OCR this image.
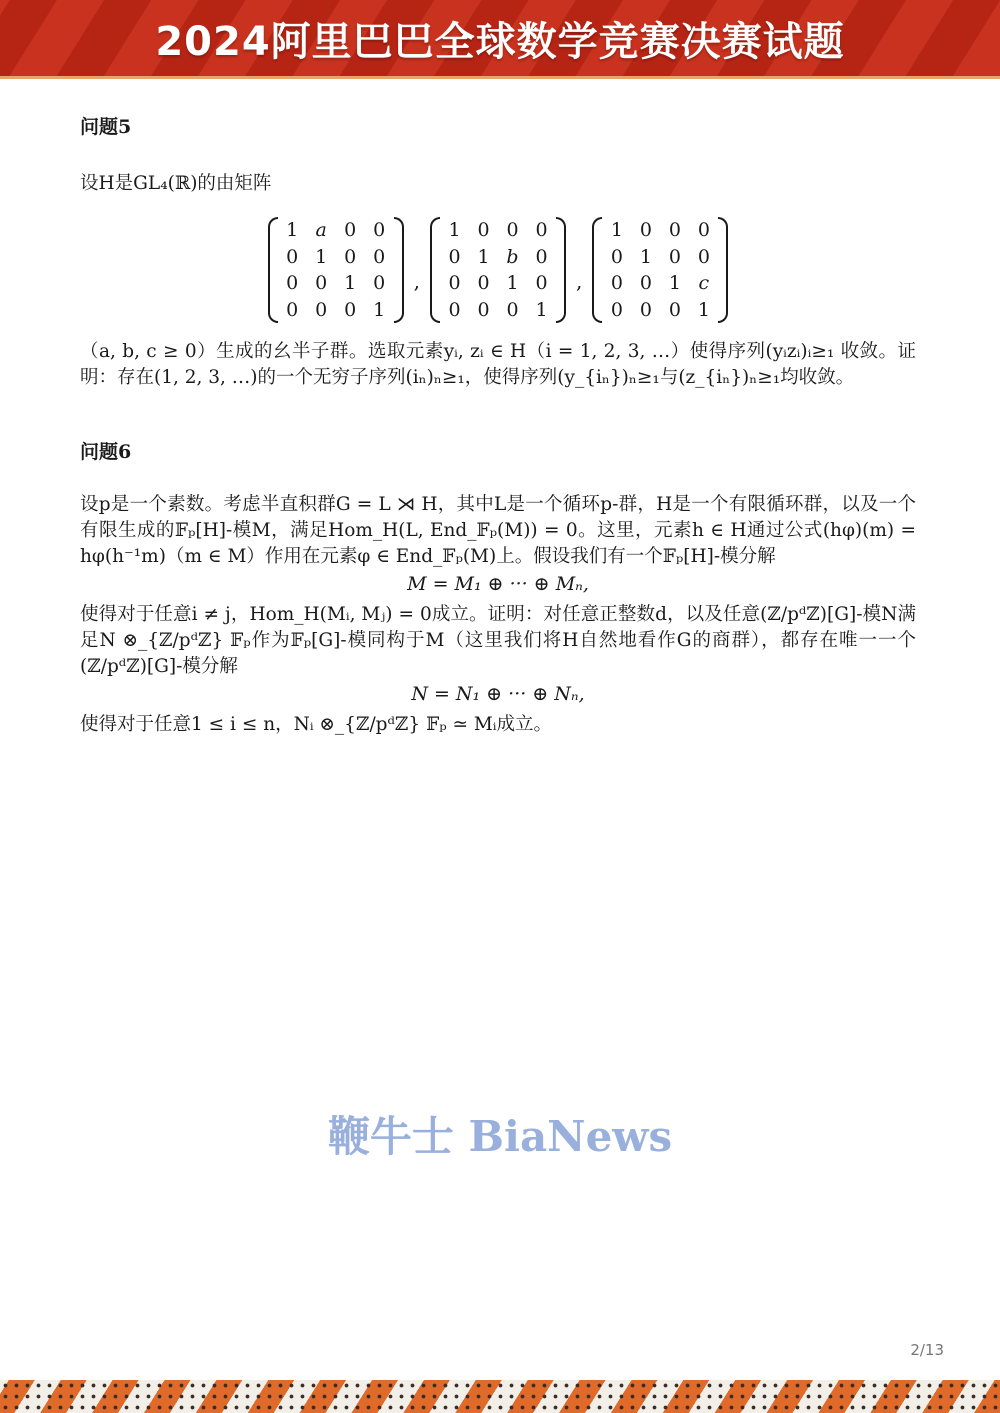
2024阿里巴巴全球数学竞赛决赛试题

问题5

设H是GL₄(ℝ)的由矩阵

1 a 0 0
0 1 0 0
0 0 1 0
0 0 0 1
,
1 0 0 0
0 1 b 0
0 0 1 0
0 0 0 1
,
1 0 0 0
0 1 0 0
0 0 1 c
0 0 0 1

（a, b, c ≥ 0）生成的幺半子群。选取元素yᵢ, zᵢ ∈ H（i = 1, 2, 3, …）使得序列(yᵢzᵢ)ᵢ≥₁ 收敛。证明：存在(1, 2, 3, …)的一个无穷子序列(iₙ)ₙ≥₁，使得序列(y_{iₙ})ₙ≥₁与(z_{iₙ})ₙ≥₁均收敛。

问题6

设p是一个素数。考虑半直积群G = L ⋊ H，其中L是一个循环p-群，H是一个有限循环群，以及一个有限生成的𝔽ₚ[H]-模M，满足Hom_H(L, End_𝔽ₚ(M)) = 0。这里，元素h ∈ H通过公式(hφ)(m) = hφ(h⁻¹m)（m ∈ M）作用在元素φ ∈ End_𝔽ₚ(M)上。假设我们有一个𝔽ₚ[H]-模分解

M = M₁ ⊕ ··· ⊕ Mₙ,

使得对于任意i ≠ j，Hom_H(Mᵢ, Mⱼ) = 0成立。证明：对任意正整数d，以及任意(ℤ/pᵈℤ)[G]-模N满足N ⊗_{ℤ/pᵈℤ} 𝔽ₚ作为𝔽ₚ[G]-模同构于M（这里我们将H自然地看作G的商群），都存在唯一一个(ℤ/pᵈℤ)[G]-模分解

N = N₁ ⊕ ··· ⊕ Nₙ,

使得对于任意1 ≤ i ≤ n，Nᵢ ⊗_{ℤ/pᵈℤ} 𝔽ₚ ≃ Mᵢ成立。

鞭牛士 BiaNews
2/13
